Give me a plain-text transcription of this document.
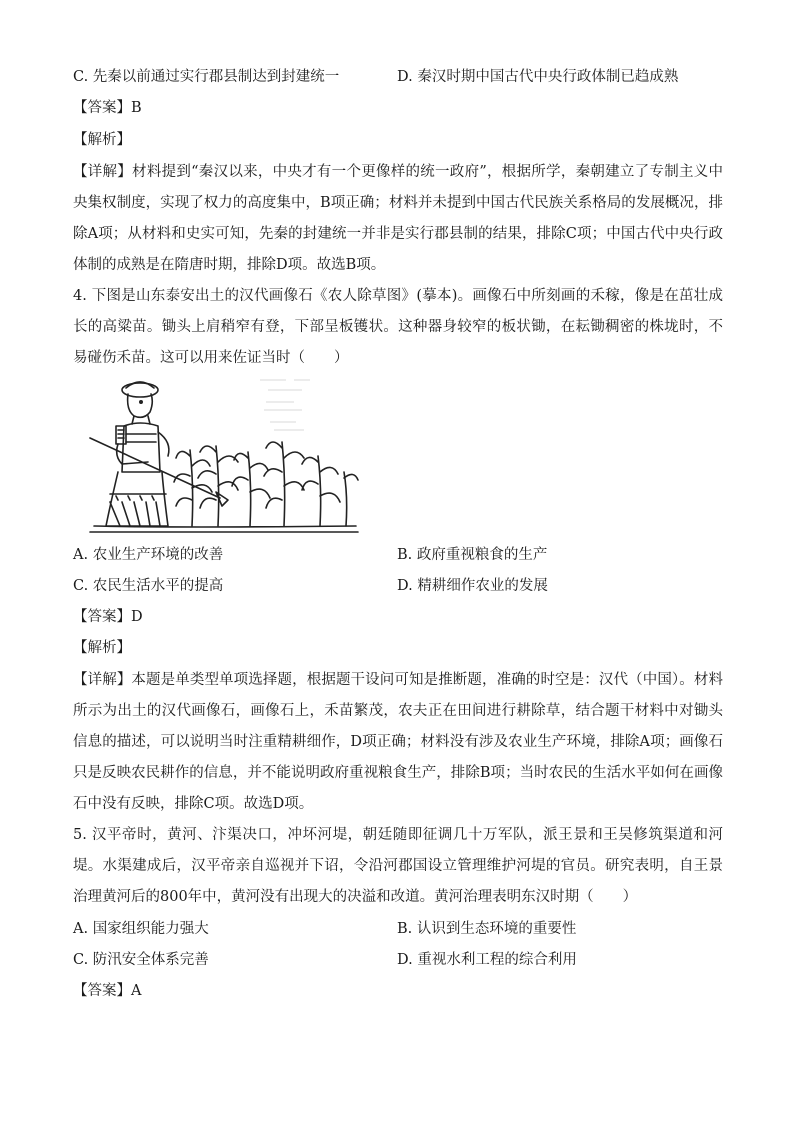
C. 先秦以前通过实行郡县制达到封建统一	D. 秦汉时期中国古代中央行政体制已趋成熟
【答案】B
【解析】
【详解】材料提到“秦汉以来，中央才有一个更像样的统一政府”，根据所学，秦朝建立了专制主义中央集权制度，实现了权力的高度集中，B项正确；材料并未提到中国古代民族关系格局的发展概况，排除A项；从材料和史实可知，先秦的封建统一并非是实行郡县制的结果，排除C项；中国古代中央行政体制的成熟是在隋唐时期，排除D项。故选B项。
4. 下图是山东泰安出土的汉代画像石《农人除草图》(摹本)。画像石中所刻画的禾稼，像是在茁壮成长的高粱苗。锄头上肩稍窄有登，下部呈板镬状。这种器身较窄的板状锄，在耘锄稠密的株垅时，不易碰伤禾苗。这可以用来佐证当时（　　）
A. 农业生产环境的改善	B. 政府重视粮食的生产
C. 农民生活水平的提高	D. 精耕细作农业的发展
【答案】D
【解析】
【详解】本题是单类型单项选择题，根据题干设问可知是推断题，准确的时空是：汉代（中国）。材料所示为出土的汉代画像石，画像石上，禾苗繁茂，农夫正在田间进行耕除草，结合题干材料中对锄头信息的描述，可以说明当时注重精耕细作，D项正确；材料没有涉及农业生产环境，排除A项；画像石只是反映农民耕作的信息，并不能说明政府重视粮食生产，排除B项；当时农民的生活水平如何在画像石中没有反映，排除C项。故选D项。
5. 汉平帝时，黄河、汴渠决口，冲坏河堤，朝廷随即征调几十万军队，派王景和王吴修筑渠道和河堤。水渠建成后，汉平帝亲自巡视并下诏，令沿河郡国设立管理维护河堤的官员。研究表明，自王景治理黄河后的800年中，黄河没有出现大的决溢和改道。黄河治理表明东汉时期（　　）
A. 国家组织能力强大	B. 认识到生态环境的重要性
C. 防汛安全体系完善	D. 重视水利工程的综合利用
【答案】A
